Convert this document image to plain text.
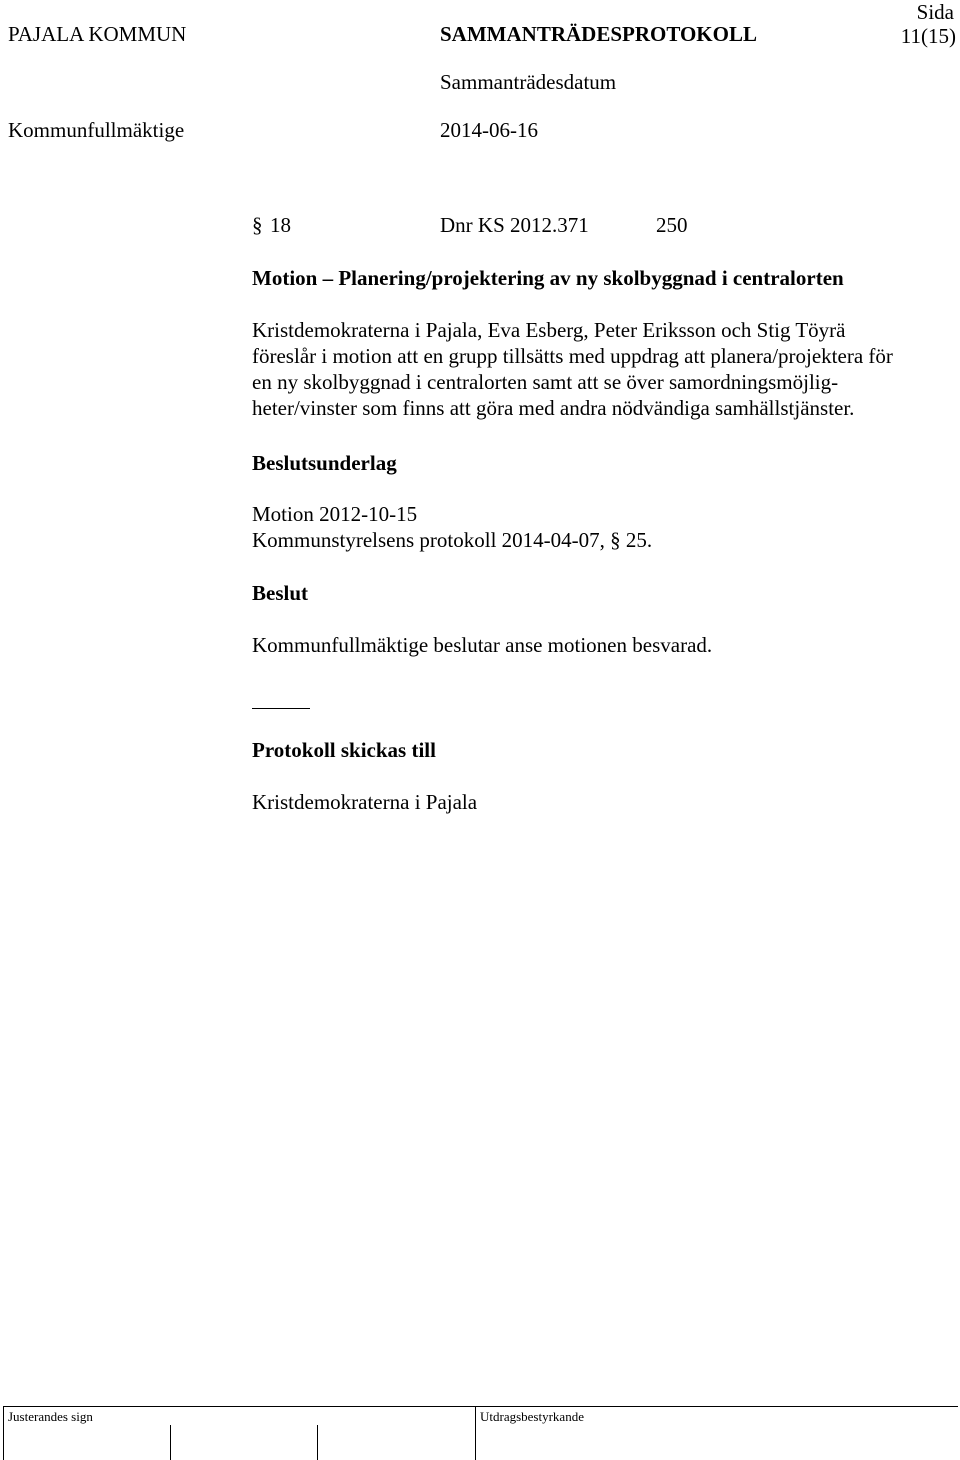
PAJALA KOMMUN	SAMMANTRÄDESPROTOKOLL
Sida
11(15)
Sammanträdesdatum
Kommunfullmäktige	2014-06-16
§ 18	Dnr KS 2012.371	250
Motion – Planering/projektering av ny skolbyggnad i centralorten
Kristdemokraterna i Pajala, Eva Esberg, Peter Eriksson och Stig Töyrä
föreslår i motion att en grupp tillsätts med uppdrag att planera/projektera för
en ny skolbyggnad i centralorten samt att se över samordningsmöjlig-
heter/vinster som finns att göra med andra nödvändiga samhällstjänster.
Beslutsunderlag
Motion 2012-10-15
Kommunstyrelsens protokoll 2014-04-07, § 25.
Beslut
Kommunfullmäktige beslutar anse motionen besvarad.
Protokoll skickas till
Kristdemokraterna i Pajala
Justerandes sign	Utdragsbestyrkande
